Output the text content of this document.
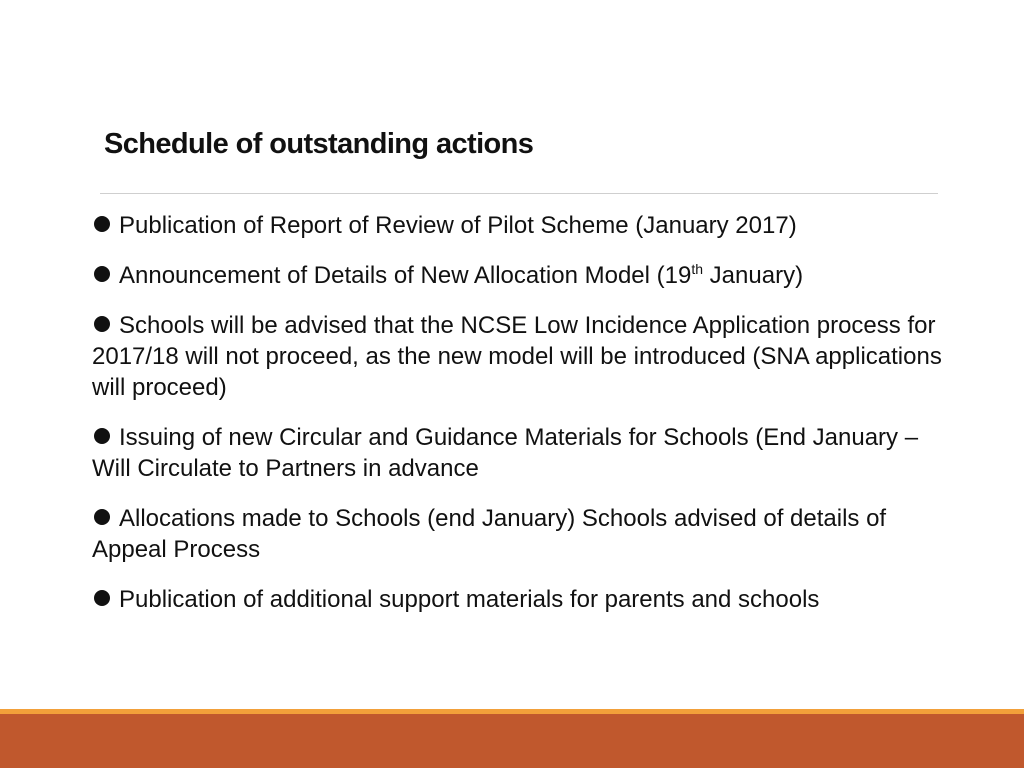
Schedule of outstanding actions
Publication of Report of Review of Pilot Scheme (January 2017)
Announcement of Details of New Allocation Model (19th January)
Schools will be advised that the NCSE Low Incidence Application process for 2017/18 will not proceed, as the new model will be introduced (SNA applications will proceed)
Issuing of new Circular and Guidance Materials for Schools (End January – Will Circulate to Partners in advance
Allocations made to Schools (end January) Schools advised of details of Appeal Process
Publication of additional support materials for parents and schools
